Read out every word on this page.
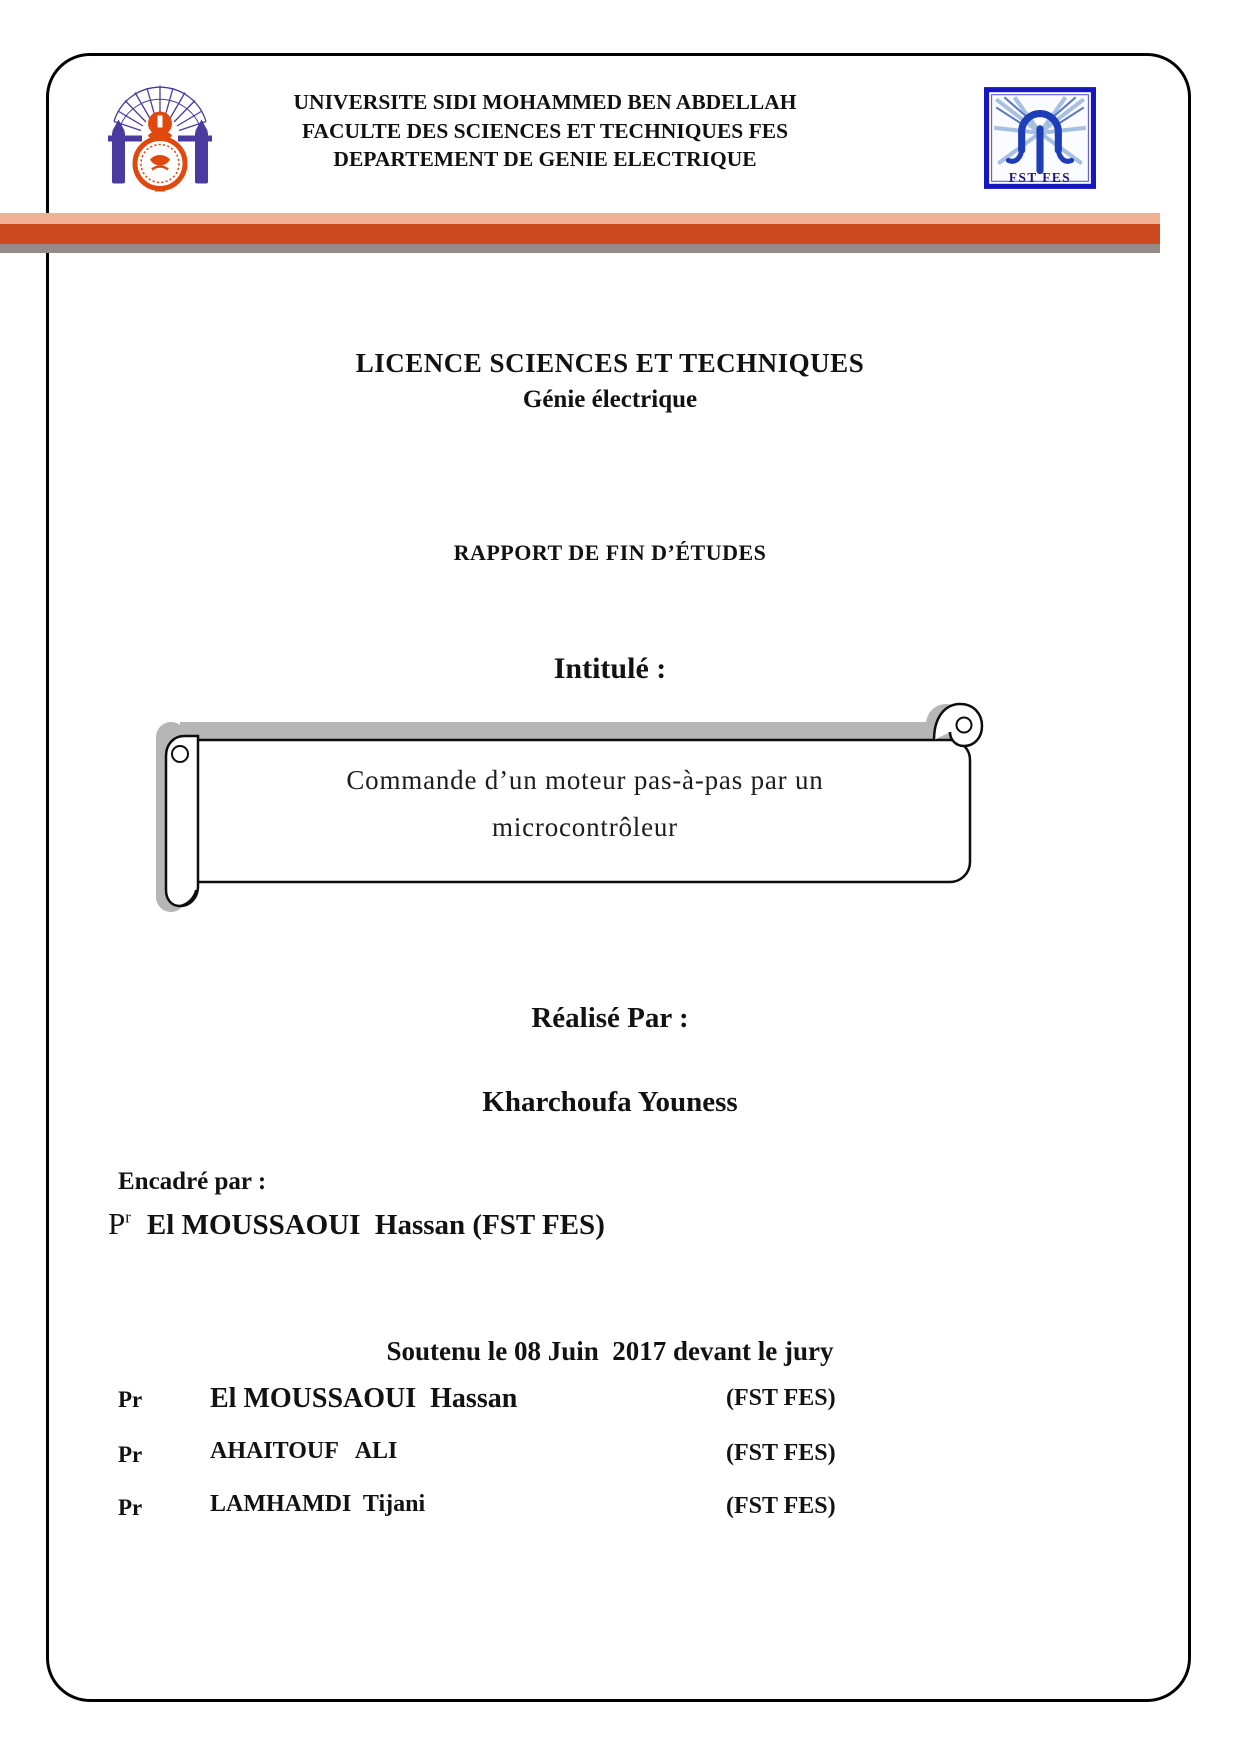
UNIVERSITE SIDI MOHAMMED BEN ABDELLAH
FACULTE DES SCIENCES ET TECHNIQUES FES
DEPARTEMENT DE GENIE ELECTRIQUE
FST FES
LICENCE SCIENCES ET TECHNIQUES
Génie électrique
RAPPORT DE FIN D’ÉTUDES
Intitulé :
Commande d’un moteur pas-à-pas par un
microcontrôleur
Réalisé Par :
Kharchoufa Youness
Encadré par :
$P^r$ El MOUSSAOUI  Hassan (FST FES)
Soutenu le 08 Juin  2017 devant le jury
Pr El MOUSSAOUI  Hassan	(FST FES)
Pr	AHAITOUF   ALI	(FST FES)
Pr	LAMHAMDI  Tijani	(FST FES)
